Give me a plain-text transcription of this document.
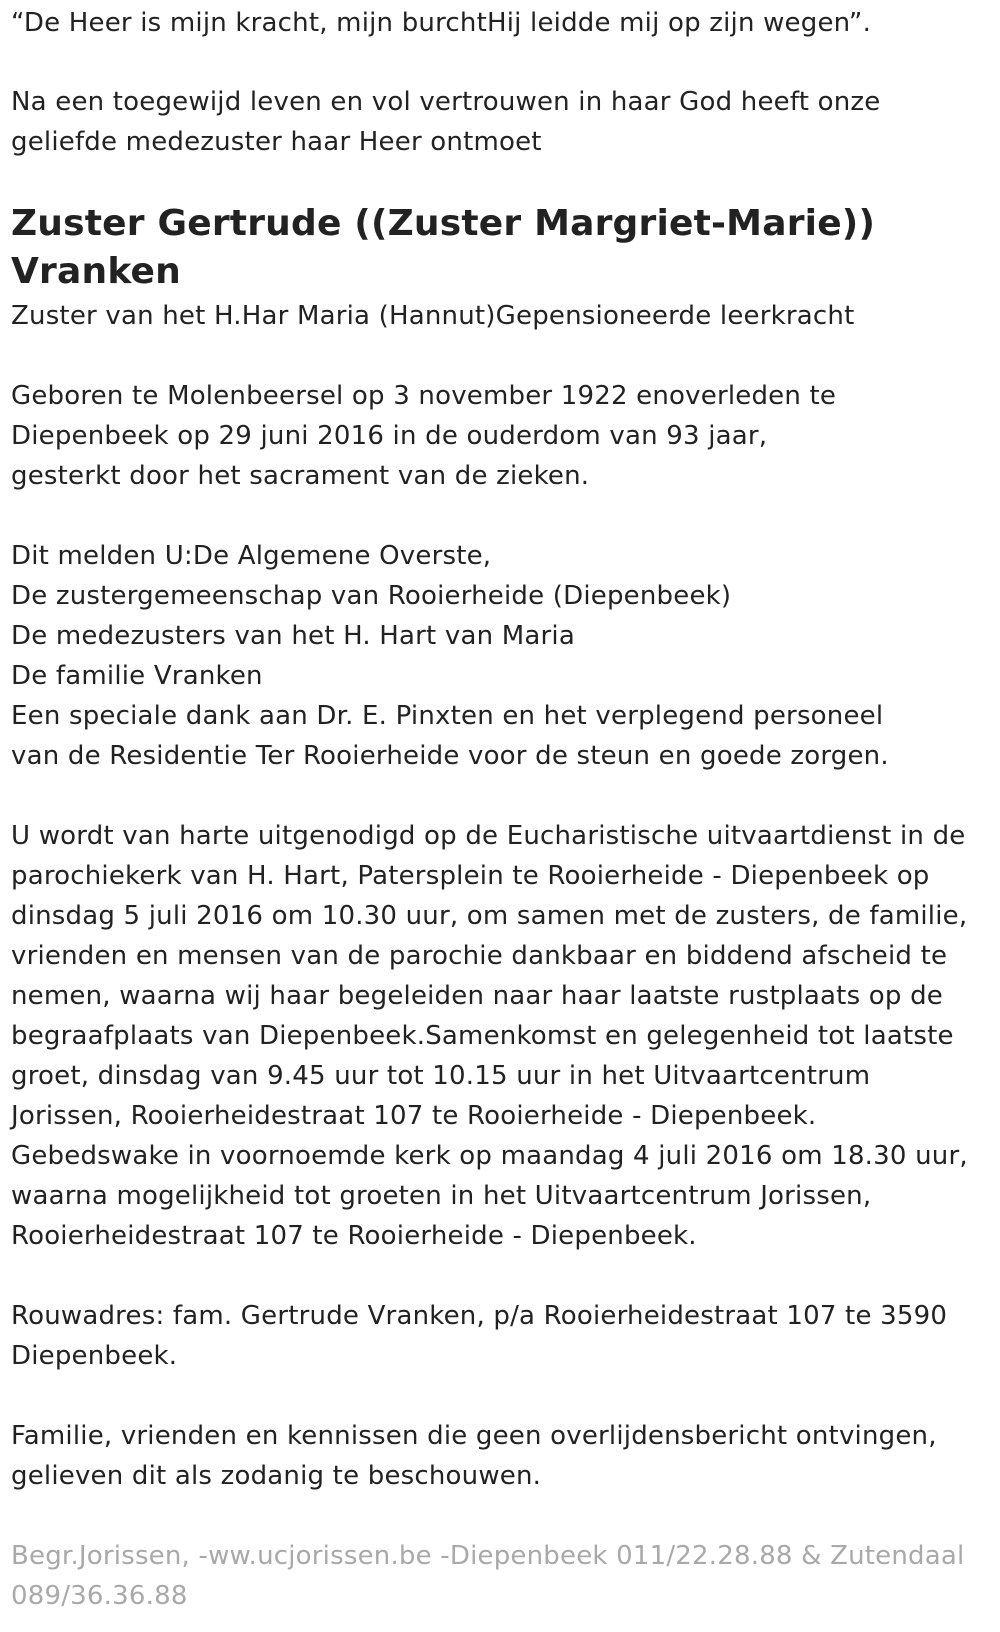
“De Heer is mijn kracht, mijn burchtHij leidde mij op zijn wegen”.

Na een toegewijd leven en vol vertrouwen in haar God heeft onze
geliefde medezuster haar Heer ontmoet

Zuster Gertrude ((Zuster Margriet-Marie))
Vranken

Zuster van het H.Har Maria (Hannut)Gepensioneerde leerkracht

Geboren te Molenbeersel op 3 november 1922 enoverleden te
Diepenbeek op 29 juni 2016 in de ouderdom van 93 jaar,
gesterkt door het sacrament van de zieken.

Dit melden U:De Algemene Overste,
De zustergemeenschap van Rooierheide (Diepenbeek)
De medezusters van het H. Hart van Maria
De familie Vranken
Een speciale dank aan Dr. E. Pinxten en het verplegend personeel
van de Residentie Ter Rooierheide voor de steun en goede zorgen.

U wordt van harte uitgenodigd op de Eucharistische uitvaartdienst in de
parochiekerk van H. Hart, Patersplein te Rooierheide - Diepenbeek op
dinsdag 5 juli 2016 om 10.30 uur, om samen met de zusters, de familie,
vrienden en mensen van de parochie dankbaar en biddend afscheid te
nemen, waarna wij haar begeleiden naar haar laatste rustplaats op de
begraafplaats van Diepenbeek.Samenkomst en gelegenheid tot laatste
groet, dinsdag van 9.45 uur tot 10.15 uur in het Uitvaartcentrum
Jorissen, Rooierheidestraat 107 te Rooierheide - Diepenbeek.
Gebedswake in voornoemde kerk op maandag 4 juli 2016 om 18.30 uur,
waarna mogelijkheid tot groeten in het Uitvaartcentrum Jorissen,
Rooierheidestraat 107 te Rooierheide - Diepenbeek.

Rouwadres: fam. Gertrude Vranken, p/a Rooierheidestraat 107 te 3590
Diepenbeek.

Familie, vrienden en kennissen die geen overlijdensbericht ontvingen,
gelieven dit als zodanig te beschouwen.

Begr.Jorissen, -ww.ucjorissen.be -Diepenbeek 011/22.28.88 & Zutendaal
089/36.36.88
